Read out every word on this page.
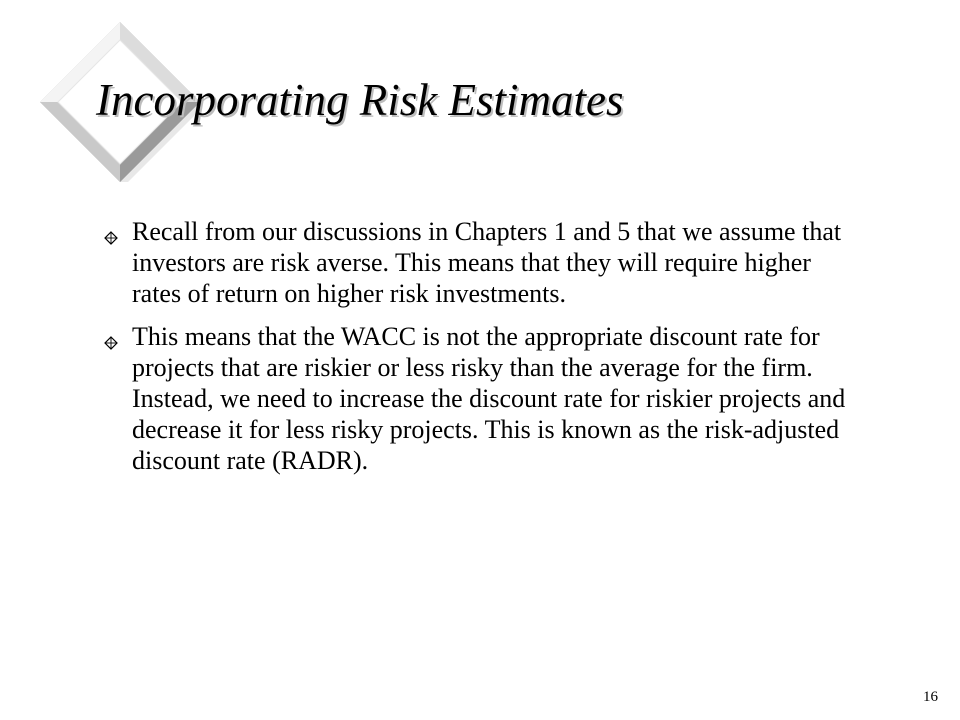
Incorporating Risk Estimates
Recall from our discussions in Chapters 1 and 5 that we assume that investors are risk averse. This means that they will require higher rates of return on higher risk investments.
This means that the WACC is not the appropriate discount rate for projects that are riskier or less risky than the average for the firm. Instead, we need to increase the discount rate for riskier projects and decrease it for less risky projects. This is known as the risk-adjusted discount rate (RADR).
16
